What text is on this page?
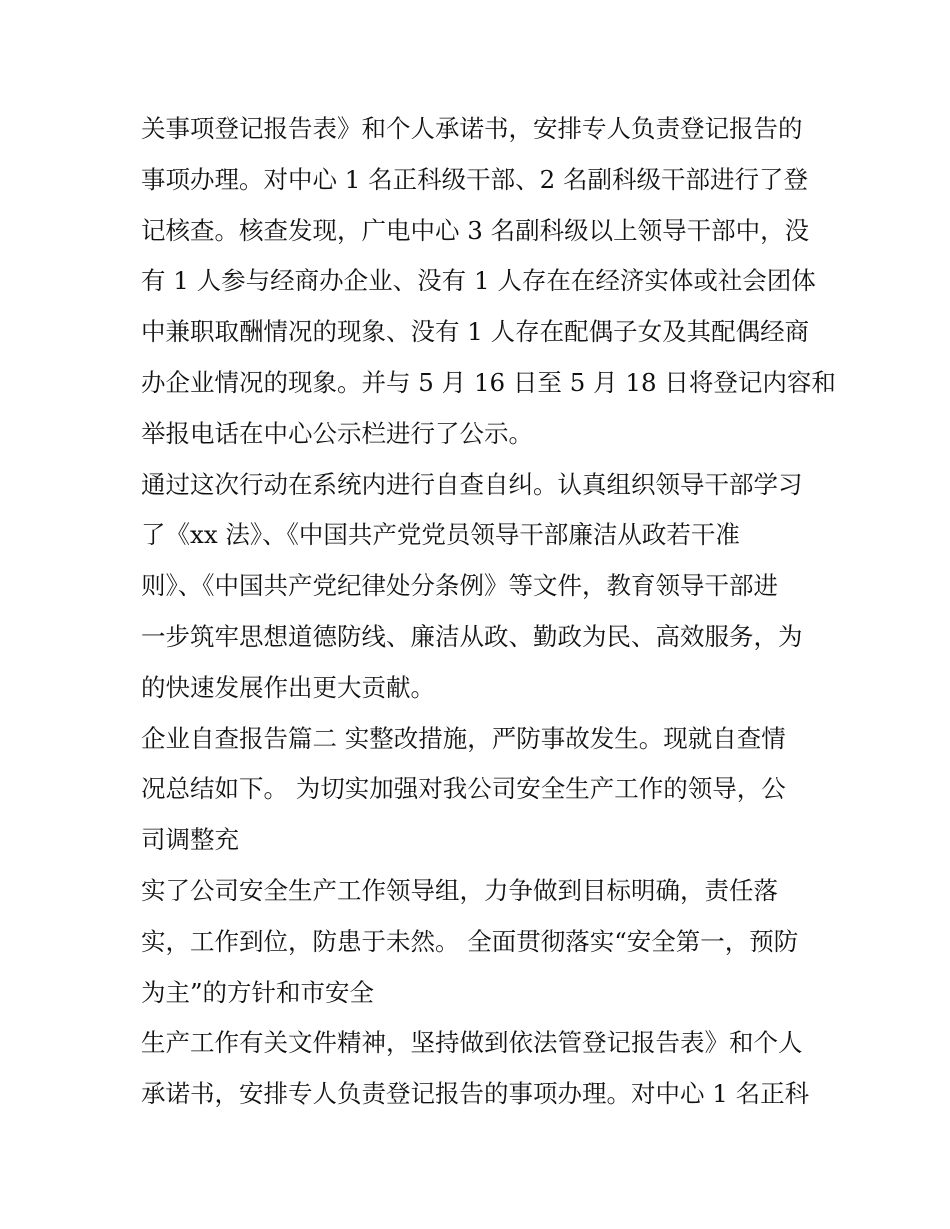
关事项登记报告表》和个人承诺书，安排专人负责登记报告的
事项办理。对中心 1 名正科级干部、2 名副科级干部进行了登
记核查。核查发现，广电中心 3 名副科级以上领导干部中，没
有 1 人参与经商办企业、没有 1 人存在在经济实体或社会团体
中兼职取酬情况的现象、没有 1 人存在配偶子女及其配偶经商
办企业情况的现象。并与 5 月 16 日至 5 月 18 日将登记内容和
举报电话在中心公示栏进行了公示。
通过这次行动在系统内进行自查自纠。认真组织领导干部学习
了《xx 法》、《中国共产党党员领导干部廉洁从政若干准
则》、《中国共产党纪律处分条例》等文件，教育领导干部进
一步筑牢思想道德防线、廉洁从政、勤政为民、高效服务，为
的快速发展作出更大贡献。
企业自查报告篇二 实整改措施，严防事故发生。现就自查情
况总结如下。 为切实加强对我公司安全生产工作的领导，公
司调整充
实了公司安全生产工作领导组，力争做到目标明确，责任落
实，工作到位，防患于未然。 全面贯彻落实“安全第一，预防
为主”的方针和市安全
生产工作有关文件精神，坚持做到依法管登记报告表》和个人
承诺书，安排专人负责登记报告的事项办理。对中心 1 名正科
